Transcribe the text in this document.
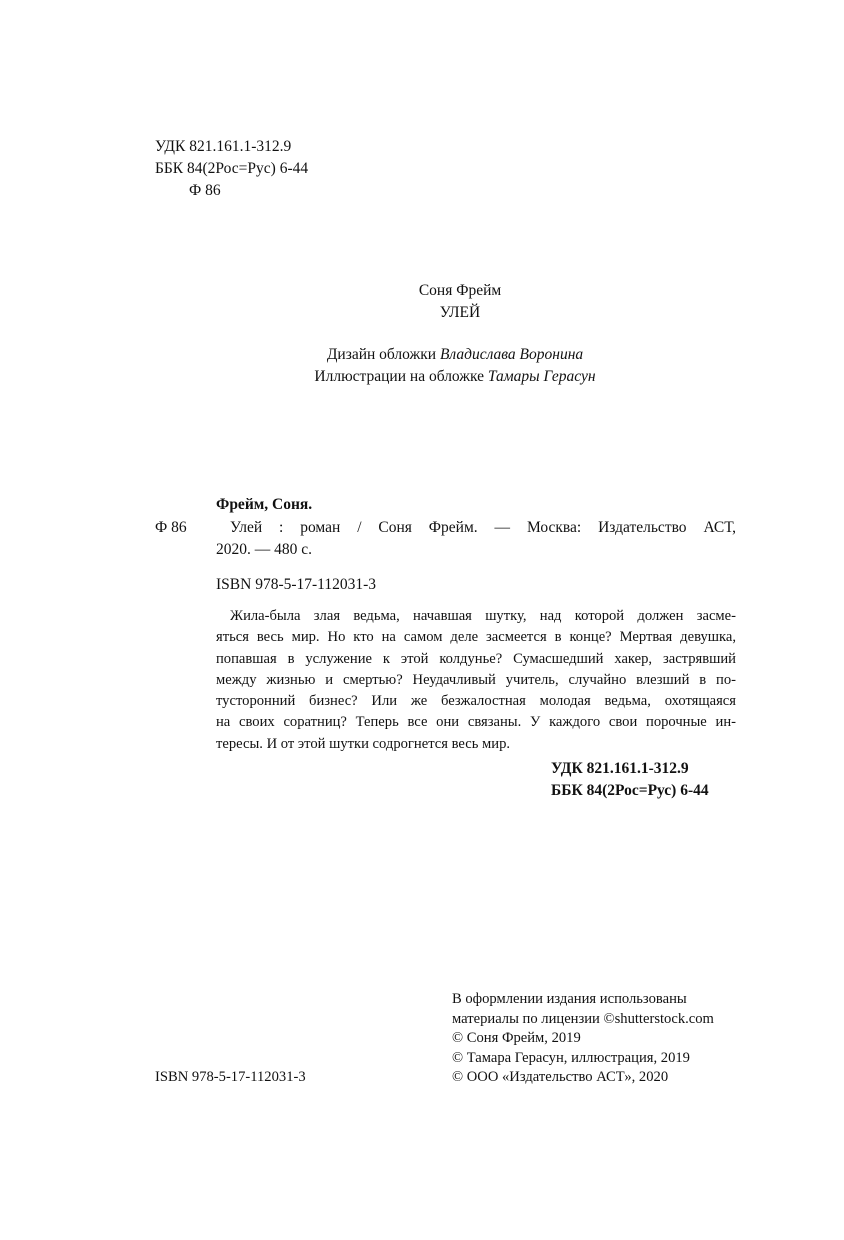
УДК 821.161.1-312.9
ББК 84(2Рос=Рус) 6-44
Ф 86
Соня Фрейм
УЛЕЙ
Дизайн обложки Владислава Воронина
Иллюстрации на обложке Тамары Герасун
Фрейм, Соня.
Ф 86	Улей : роман / Соня Фрейм. — Москва: Издательство АСТ,
2020. — 480 с.
ISBN 978-5-17-112031-3
Жила-была злая ведьма, начавшая шутку, над которой должен засме-
яться весь мир. Но кто на самом деле засмеется в конце? Мертвая девушка,
попавшая в услужение к этой колдунье? Сумасшедший хакер, застрявший
между жизнью и смертью? Неудачливый учитель, случайно влезший в по-
тусторонний бизнес? Или же безжалостная молодая ведьма, охотящаяся
на своих соратниц? Теперь все они связаны. У каждого свои порочные ин-
тересы. И от этой шутки содрогнется весь мир.
УДК 821.161.1-312.9
ББК 84(2Рос=Рус) 6-44
В оформлении издания использованы
материалы по лицензии ©shutterstock.com
© Соня Фрейм, 2019
© Тамара Герасун, иллюстрация, 2019
© ООО «Издательство АСТ», 2020
ISBN 978-5-17-112031-3
